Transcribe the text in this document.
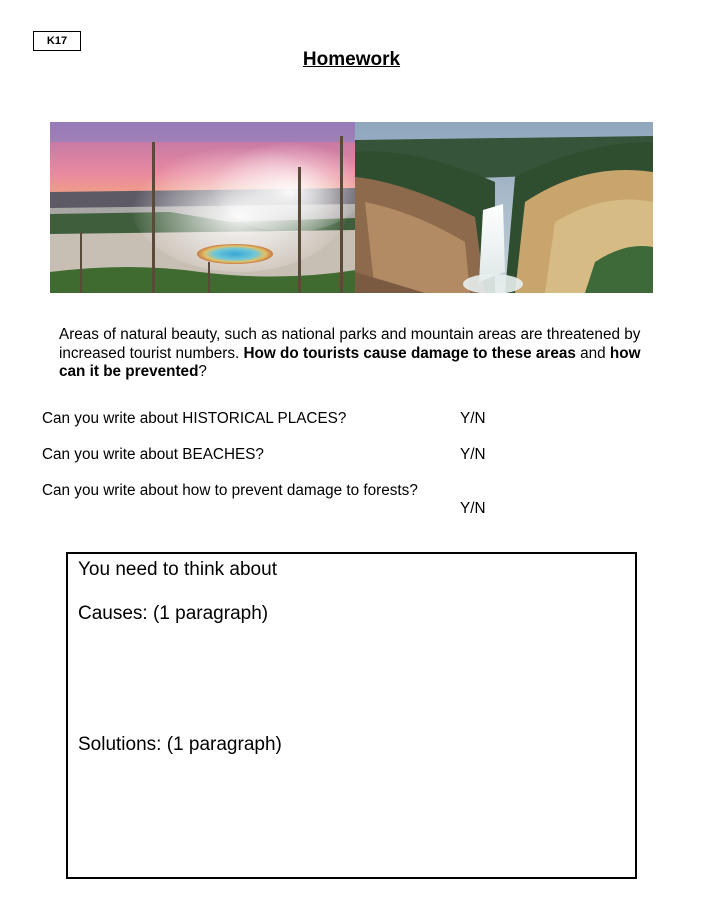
K17
Homework
Areas of natural beauty, such as national parks and mountain areas are threatened by increased tourist numbers. How do tourists cause damage to these areas and how can it be prevented?
Can you write about HISTORICAL PLACES?	Y/N
Can you write about BEACHES?	Y/N
Can you write about how to prevent damage to forests?
Y/N
You need to think about
Causes: (1 paragraph)
Solutions: (1 paragraph)
